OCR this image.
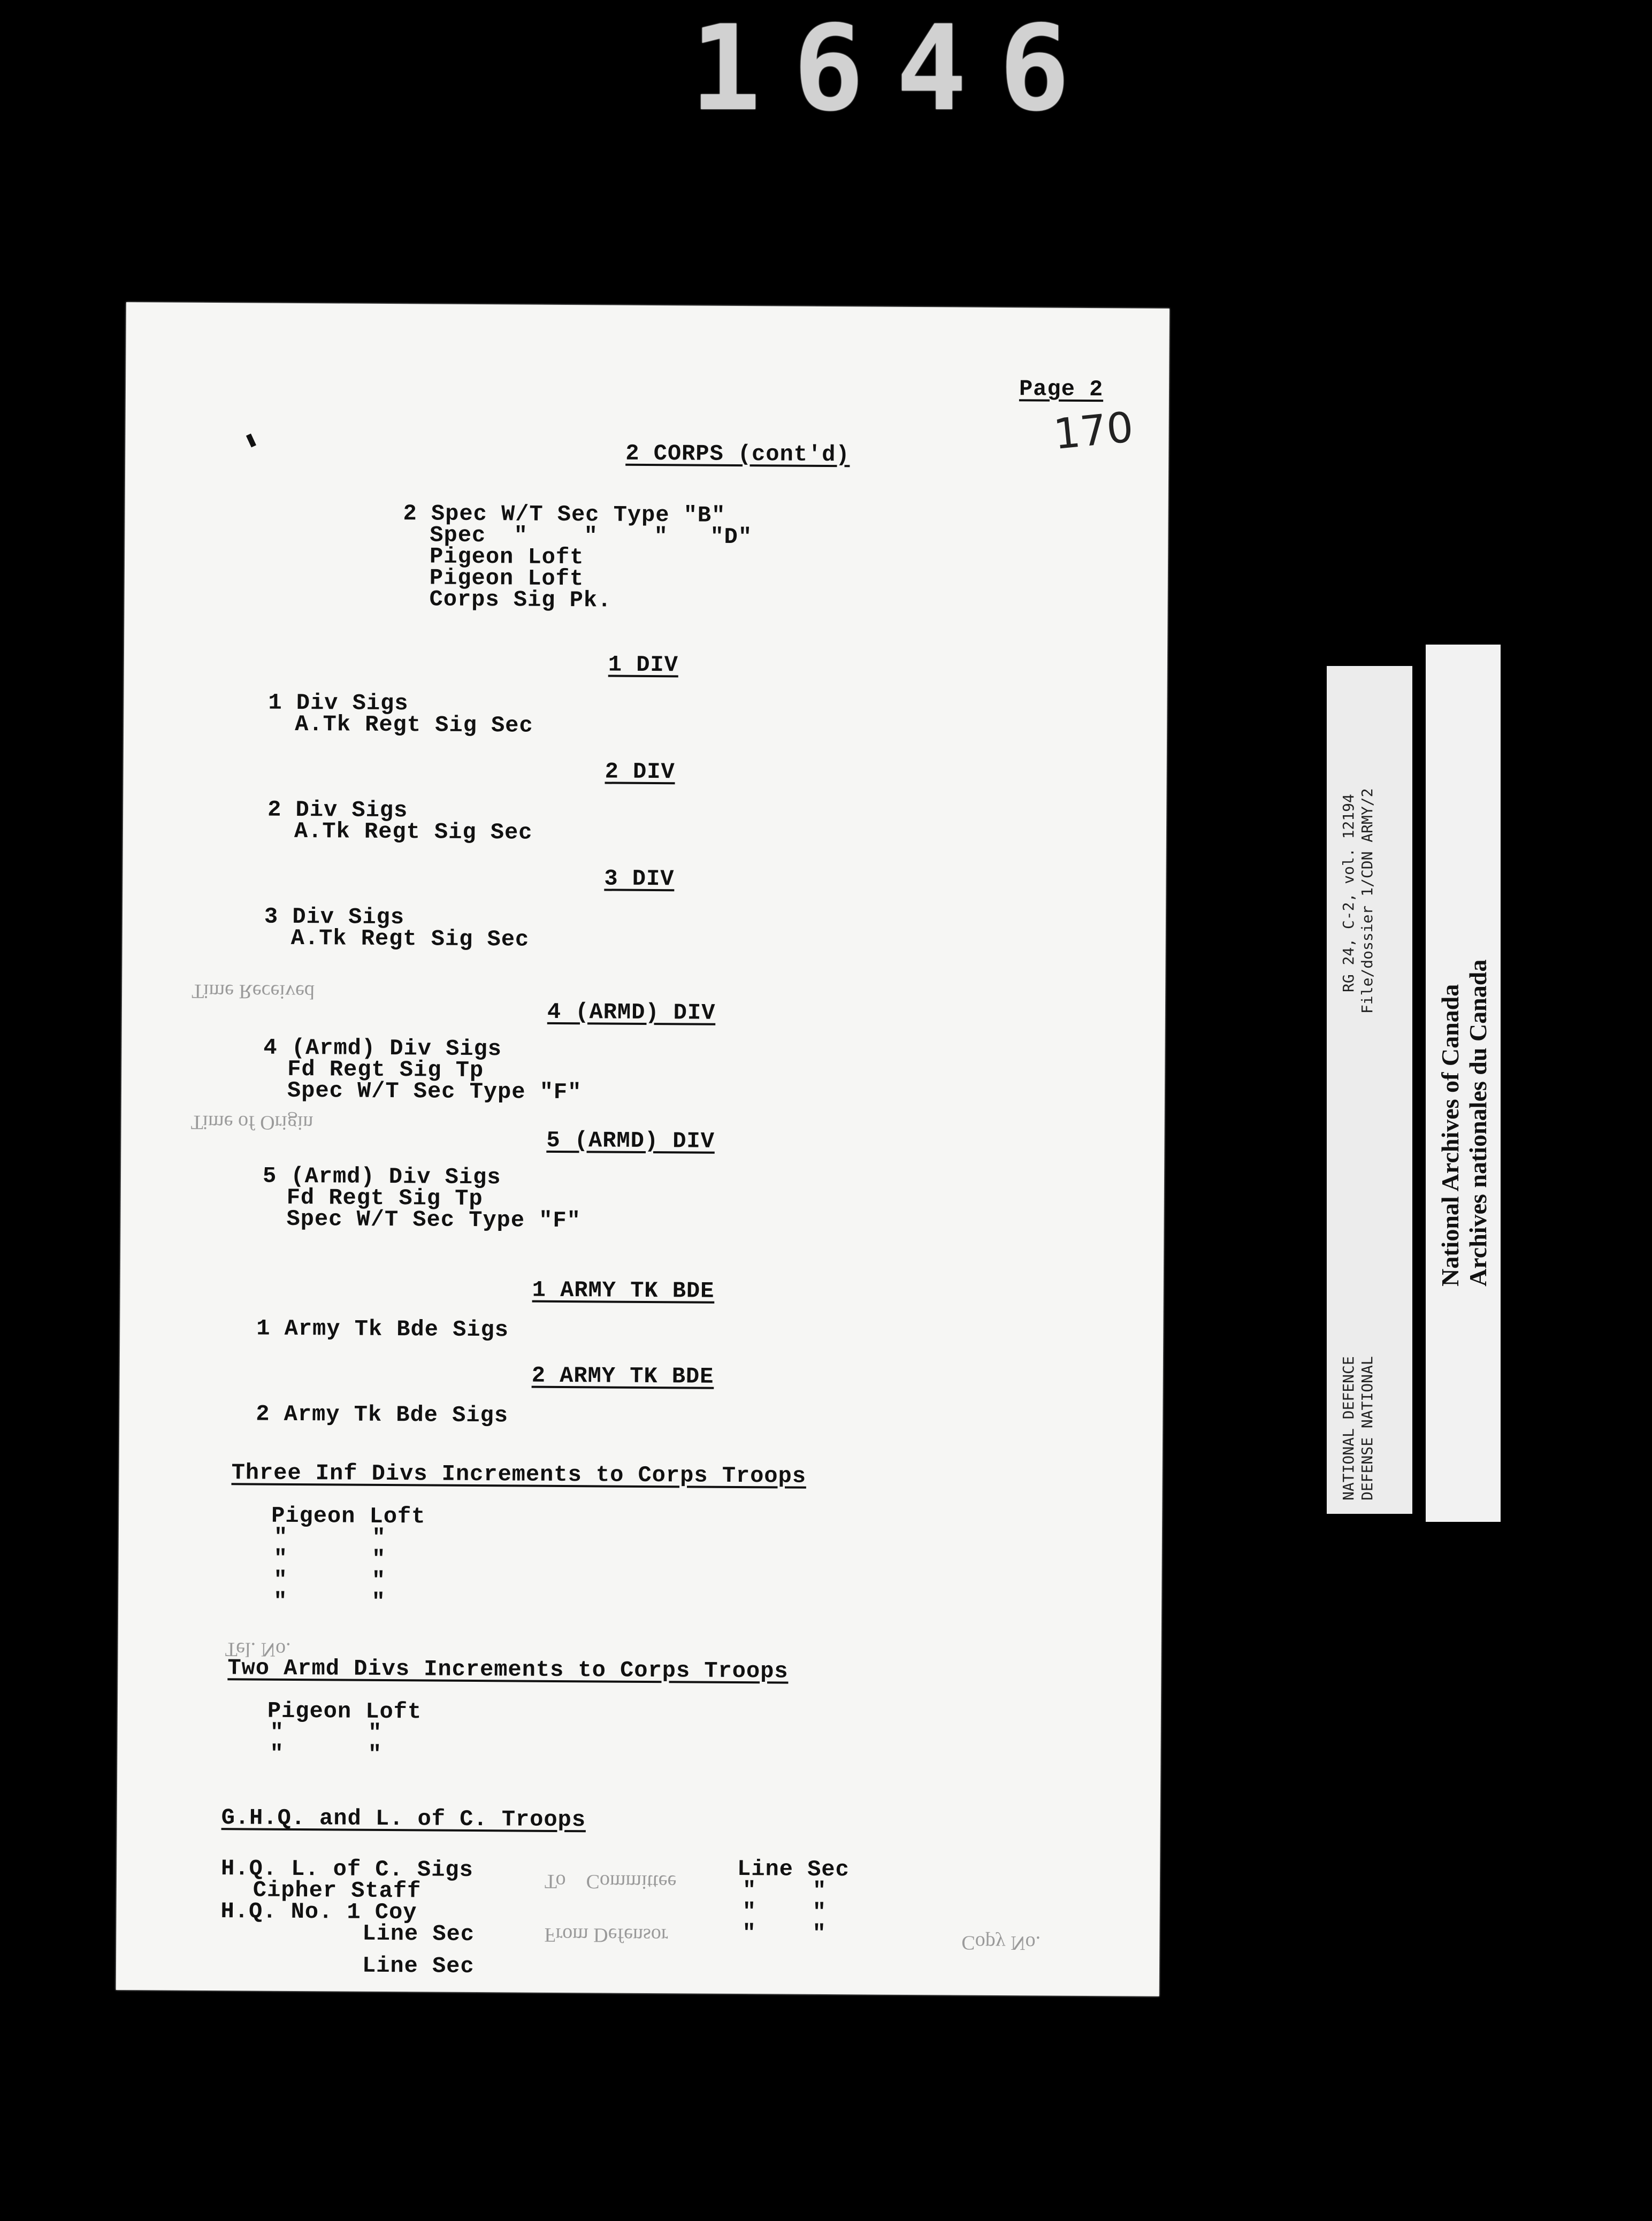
1646
Page 2
170
2 CORPS (cont'd)
2 Spec W/T Sec Type "B"
Spec  "    "    "   "D"
Pigeon Loft
Pigeon Loft
Corps Sig Pk.
1 DIV
1 Div Sigs
A.Tk Regt Sig Sec
2 DIV
2 Div Sigs
A.Tk Regt Sig Sec
3 DIV
3 Div Sigs
A.Tk Regt Sig Sec
Time Received
4 (ARMD) DIV
4 (Armd) Div Sigs
Fd Regt Sig Tp
Spec W/T Sec Type "F"
Time of Origin
5 (ARMD) DIV
5 (Armd) Div Sigs
Fd Regt Sig Tp
Spec W/T Sec Type "F"
1 ARMY TK BDE
1 Army Tk Bde Sigs
2 ARMY TK BDE
2 Army Tk Bde Sigs
Three Inf Divs Increments to Corps Troops
Pigeon Loft
"      "
"      "
"      "
"      "
Tel. No.
Two Armd Divs Increments to Corps Troops
Pigeon Loft
"      "
"      "
G.H.Q. and L. of C. Troops
H.Q. L. of C. Sigs
Cipher Staff
H.Q. No. 1 Coy
Line Sec
Line Sec
Line Sec
"    "
"    "
"    "
To    Committee
From Defensor	Copy No.
RG 24, C-2, vol. 12194 File/dossier 1/CDN ARMY/2
NATIONAL DEFENCE DEFENSE NATIONAL
National Archives of Canada Archives nationales du Canada
